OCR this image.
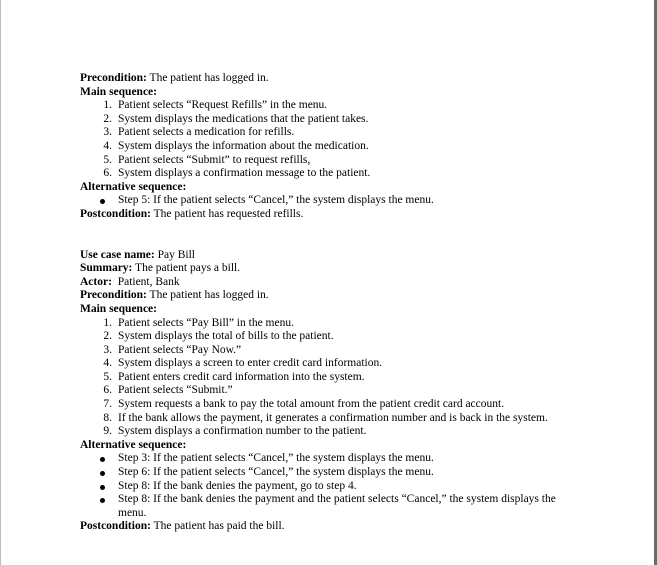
Precondition: The patient has logged in.
Main sequence:
1. Patient selects “Request Refills” in the menu.
2. System displays the medications that the patient takes.
3. Patient selects a medication for refills.
4. System displays the information about the medication.
5. Patient selects “Submit” to request refills,
6. System displays a confirmation message to the patient.
Alternative sequence:
Step 5: If the patient selects “Cancel,” the system displays the menu.
Postcondition: The patient has requested refills.
Use case name: Pay Bill
Summary: The patient pays a bill.
Actor:  Patient, Bank
Precondition: The patient has logged in.
Main sequence:
1. Patient selects “Pay Bill” in the menu.
2. System displays the total of bills to the patient.
3. Patient selects “Pay Now.”
4. System displays a screen to enter credit card information.
5. Patient enters credit card information into the system.
6. Patient selects “Submit.”
7. System requests a bank to pay the total amount from the patient credit card account.
8. If the bank allows the payment, it generates a confirmation number and is back in the system.
9. System displays a confirmation number to the patient.
Alternative sequence:
Step 3: If the patient selects “Cancel,” the system displays the menu.
Step 6: If the patient selects “Cancel,” the system displays the menu.
Step 8: If the bank denies the payment, go to step 4.
Step 8: If the bank denies the payment and the patient selects “Cancel,” the system displays the menu.
Postcondition: The patient has paid the bill.
